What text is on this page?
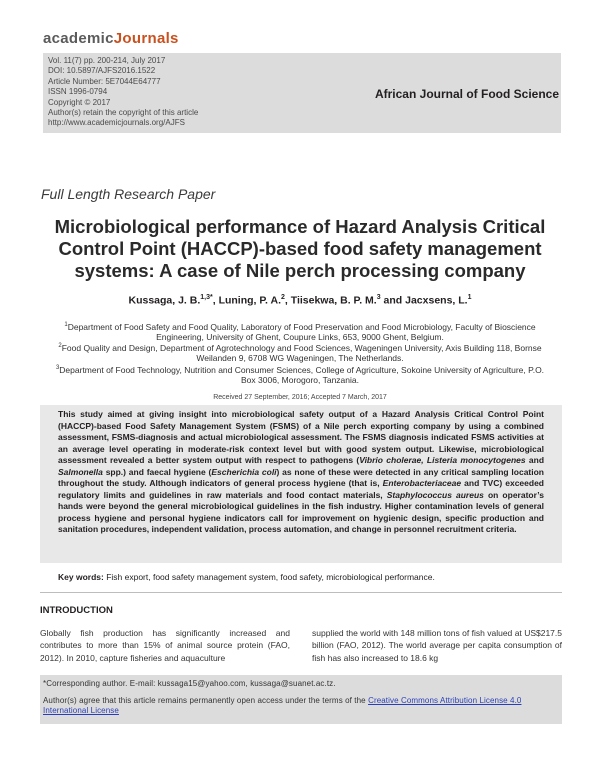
academicJournals
Vol. 11(7) pp. 200-214, July 2017
DOI: 10.5897/AJFS2016.1522
Article Number: 5E7044E64777
ISSN 1996-0794
Copyright © 2017
Author(s) retain the copyright of this article
http://www.academicjournals.org/AJFS
African Journal of Food Science
Full Length Research Paper
Microbiological performance of Hazard Analysis Critical Control Point (HACCP)-based food safety management systems: A case of Nile perch processing company
Kussaga, J. B.$^{1,3*}$, Luning, P. A.$^2$, Tiisekwa, B. P. M.$^3$ and Jacxsens, L.$^1$
$^1$Department of Food Safety and Food Quality, Laboratory of Food Preservation and Food Microbiology, Faculty of Bioscience Engineering, University of Ghent, Coupure Links, 653, 9000 Ghent, Belgium.
$^2$Food Quality and Design, Department of Agrotechnology and Food Sciences, Wageningen University, Axis Building 118, Bornse Weilanden 9, 6708 WG Wageningen, The Netherlands.
$^3$Department of Food Technology, Nutrition and Consumer Sciences, College of Agriculture, Sokoine University of Agriculture, P.O. Box 3006, Morogoro, Tanzania.
Received 27 September, 2016; Accepted 7 March, 2017

This study aimed at giving insight into microbiological safety output of a Hazard Analysis Critical Control Point (HACCP)-based Food Safety Management System (FSMS) of a Nile perch exporting company by using a combined assessment, FSMS-diagnosis and actual microbiological assessment. The FSMS diagnosis indicated FSMS activities at an average level operating in moderate-risk context level but with good system output. Likewise, microbiological assessment revealed a better system output with respect to pathogens (Vibrio cholerae, Listeria monocytogenes and Salmonella spp.) and faecal hygiene (Escherichia coli) as none of these were detected in any critical sampling location throughout the study. Although indicators of general process hygiene (that is, Enterobacteriaceae and TVC) exceeded regulatory limits and guidelines in raw materials and food contact materials, Staphylococcus aureus on operator’s hands were beyond the general microbiological guidelines in the fish industry. Higher contamination levels of general process hygiene and personal hygiene indicators call for improvement on hygienic design, specific production and sanitation procedures, independent validation, process automation, and change in personnel recruitment criteria.

Key words: Fish export, food safety management system, food safety, microbiological performance.
INTRODUCTION
Globally fish production has significantly increased and contributes to more than 15% of animal source protein (FAO, 2012). In 2010, capture fisheries and aquaculture
supplied the world with 148 million tons of fish valued at US$217.5 billion (FAO, 2012). The world average per capita consumption of fish has also increased to 18.6 kg
*Corresponding author. E-mail: kussaga15@yahoo.com, kussaga@suanet.ac.tz.
Author(s) agree that this article remains permanently open access under the terms of the Creative Commons Attribution License 4.0 International License
